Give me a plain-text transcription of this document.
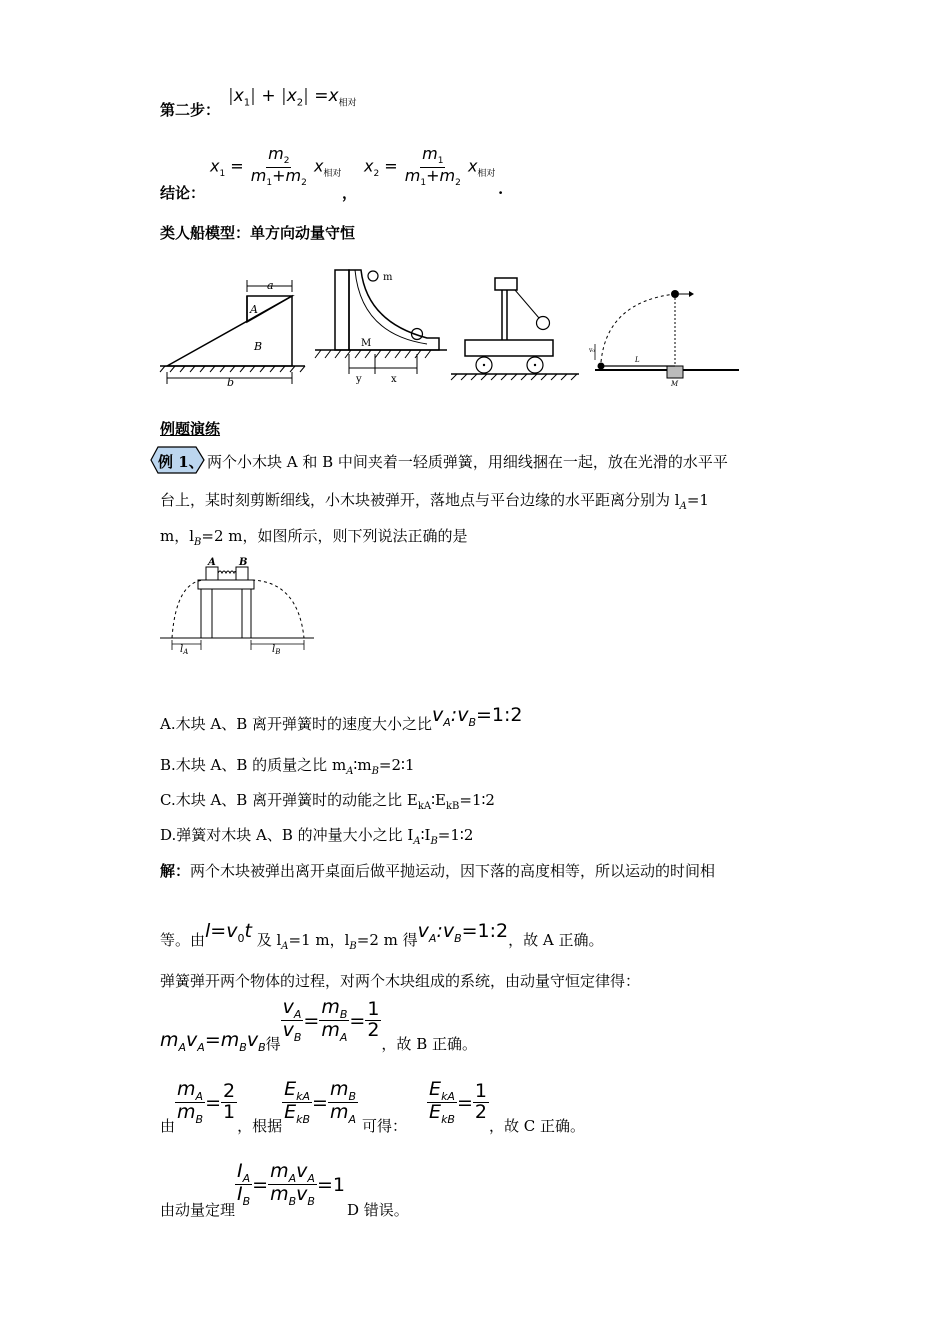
第二步：
$|x_1| + |x_2| =x_{相对}$
结论：
$x_1 = \frac{m_2}{m_1+m_2} x_{相对}$
，
$x_2 = \frac{m_1}{m_1+m_2} x_{相对}$
.
类人船模型：单方向动量守恒
a
A
B
b
m
M
y	x
v₀
L
M
例题演练
例 1、 两个小木块 A 和 B 中间夹着一轻质弹簧，用细线捆在一起，放在光滑的水平平
台上，某时刻剪断细线，小木块被弹开，落地点与平台边缘的水平距离分别为 $l_A=1$
m，$l_B=2$ m，如图所示，则下列说法正确的是
A B
$l_A$	$l_B$
A.木块 A、B 离开弹簧时的速度大小之比$v_A:v_B=1:2$
B.木块 A、B 的质量之比 $m_A∶m_B=2∶1$
C.木块 A、B 离开弹簧时的动能之比 $E_{kA}∶E_{kB}=1∶2$
D.弹簧对木块 A、B 的冲量大小之比 $I_A∶I_B=1∶2$
解：两个木块被弹出离开桌面后做平抛运动，因下落的高度相等，所以运动的时间相
等。由$l=v_0t$ 及 $l_A=1$ m，$l_B=2$ m 得$v_A:v_B=1:2$，故 A 正确。
弹簧弹开两个物体的过程，对两个木块组成的系统，由动量守恒定律得：
$m_Av_A=m_Bv_B$ 得 $\frac{v_A}{v_B} = \frac{m_B}{m_A} = \frac{1}{2}$
，故 B 正确。
由 $\frac{m_A}{m_B} = \frac{2}{1}$
，根据 $\frac{E_{kA}}{E_{kB}} = \frac{m_B}{m_A}$ 可得： $\frac{E_{kA}}{E_{kB}} = \frac{1}{2}$
，故 C 正确。
由动量定理
$\frac{I_A}{I_B} = \frac{m_Av_A}{m_Bv_B} =1$
D 错误。
